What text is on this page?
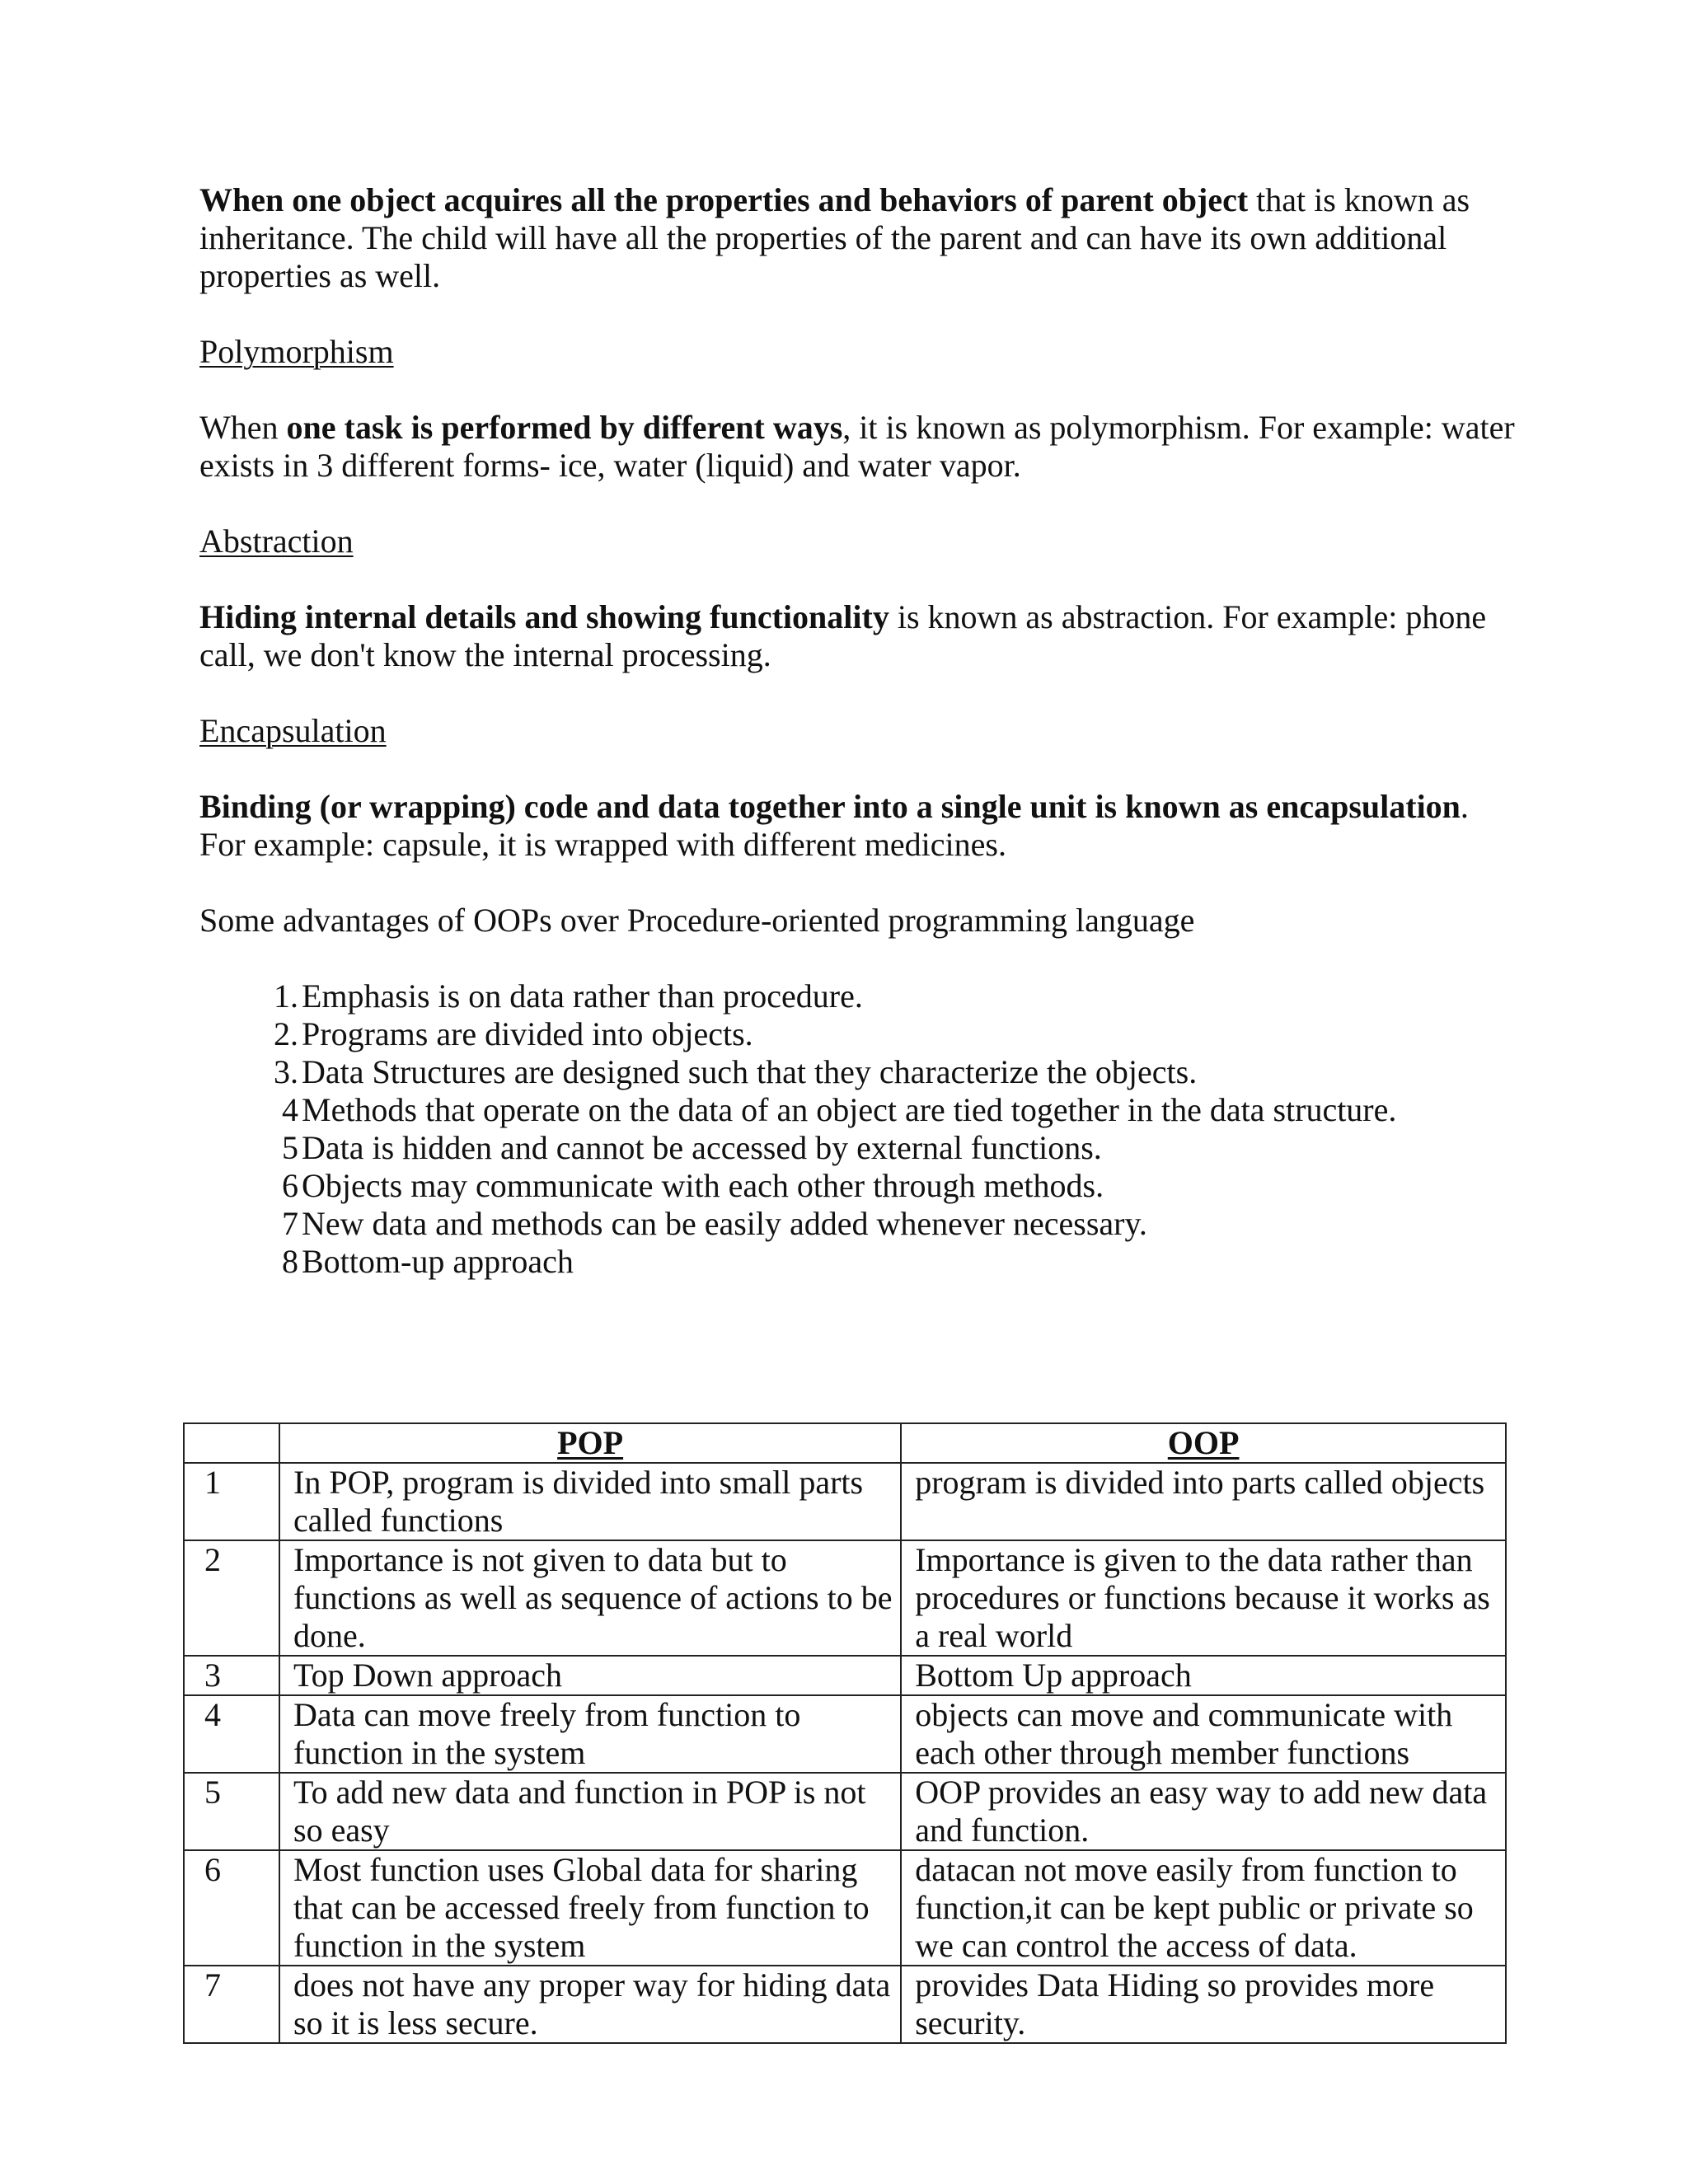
When one object acquires all the properties and behaviors of parent object that is known as inheritance. The child will have all the properties of the parent and can have its own additional properties as well.

Polymorphism

When one task is performed by different ways, it is known as polymorphism. For example: water exists in 3 different forms- ice, water (liquid) and water vapor.

Abstraction

Hiding internal details and showing functionality is known as abstraction. For example: phone call, we don't know the internal processing.

Encapsulation

Binding (or wrapping) code and data together into a single unit is known as encapsulation. For example: capsule, it is wrapped with different medicines.

Some advantages of OOPs over Procedure-oriented programming language

1. Emphasis is on data rather than procedure.
2. Programs are divided into objects.
3. Data Structures are designed such that they characterize the objects.
4 Methods that operate on the data of an object are tied together in the data structure.
5 Data is hidden and cannot be accessed by external functions.
6 Objects may communicate with each other through methods.
7 New data and methods can be easily added whenever necessary.
8 Bottom-up approach
	POP	OOP
1	In POP, program is divided into small parts called functions	program is divided into parts called objects
2	Importance is not given to data but to functions as well as sequence of actions to be done.	Importance is given to the data rather than procedures or functions because it works as a real world
3	Top Down approach	Bottom Up approach
4	Data can move freely from function to function in the system	objects can move and communicate with each other through member functions
5	To add new data and function in POP is not so easy	OOP provides an easy way to add new data and function.
6	Most function uses Global data for sharing that can be accessed freely from function to function in the system	datacan not move easily from function to function,it can be kept public or private so we can control the access of data.
7	does not have any proper way for hiding data so it is less secure.	provides Data Hiding so provides more security.
